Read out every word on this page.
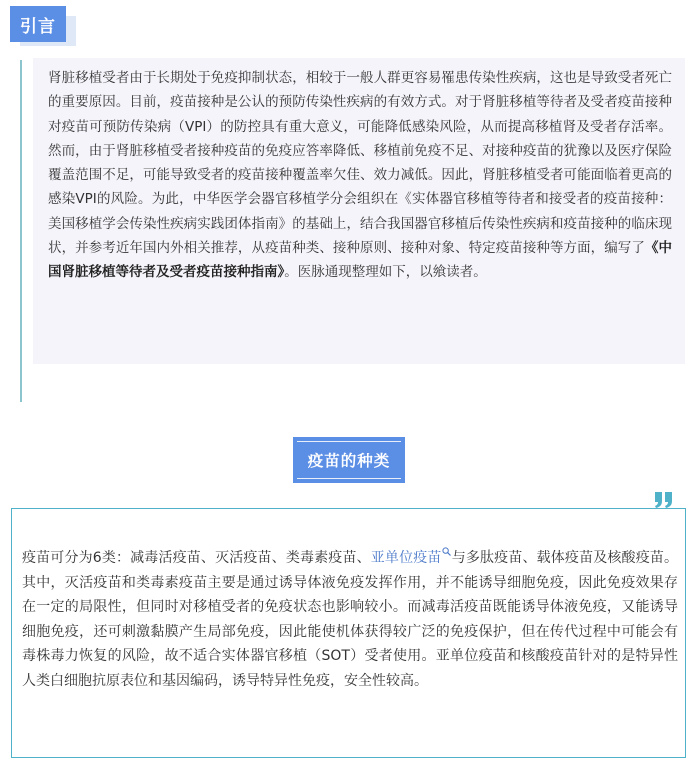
引言

肾脏移植受者由于长期处于免疫抑制状态，相较于一般人群更容易罹患传染性疾病，这也是导致受者死亡的重要原因。目前，疫苗接种是公认的预防传染性疾病的有效方式。对于肾脏移植等待者及受者疫苗接种对疫苗可预防传染病（VPI）的防控具有重大意义，可能降低感染风险，从而提高移植肾及受者存活率。然而，由于肾脏移植受者接种疫苗的免疫应答率降低、移植前免疫不足、对接种疫苗的犹豫以及医疗保险覆盖范围不足，可能导致受者的疫苗接种覆盖率欠佳、效力减低。因此，肾脏移植受者可能面临着更高的感染VPI的风险。为此，中华医学会器官移植学分会组织在《实体器官移植等待者和接受者的疫苗接种：美国移植学会传染性疾病实践团体指南》的基础上，结合我国器官移植后传染性疾病和疫苗接种的临床现状，并参考近年国内外相关推荐，从疫苗种类、接种原则、接种对象、特定疫苗接种等方面，编写了《中国肾脏移植等待者及受者疫苗接种指南》。医脉通现整理如下，以飨读者。

疫苗的种类

疫苗可分为6类：减毒活疫苗、灭活疫苗、类毒素疫苗、亚单位疫苗 与多肽疫苗、载体疫苗及核酸疫苗。其中，灭活疫苗和类毒素疫苗主要是通过诱导体液免疫发挥作用，并不能诱导细胞免疫，因此免疫效果存在一定的局限性，但同时对移植受者的免疫状态也影响较小。而减毒活疫苗既能诱导体液免疫，又能诱导细胞免疫，还可刺激黏膜产生局部免疫，因此能使机体获得较广泛的免疫保护，但在传代过程中可能会有毒株毒力恢复的风险，故不适合实体器官移植（SOT）受者使用。亚单位疫苗和核酸疫苗针对的是特异性人类白细胞抗原表位和基因编码，诱导特异性免疫，安全性较高。
